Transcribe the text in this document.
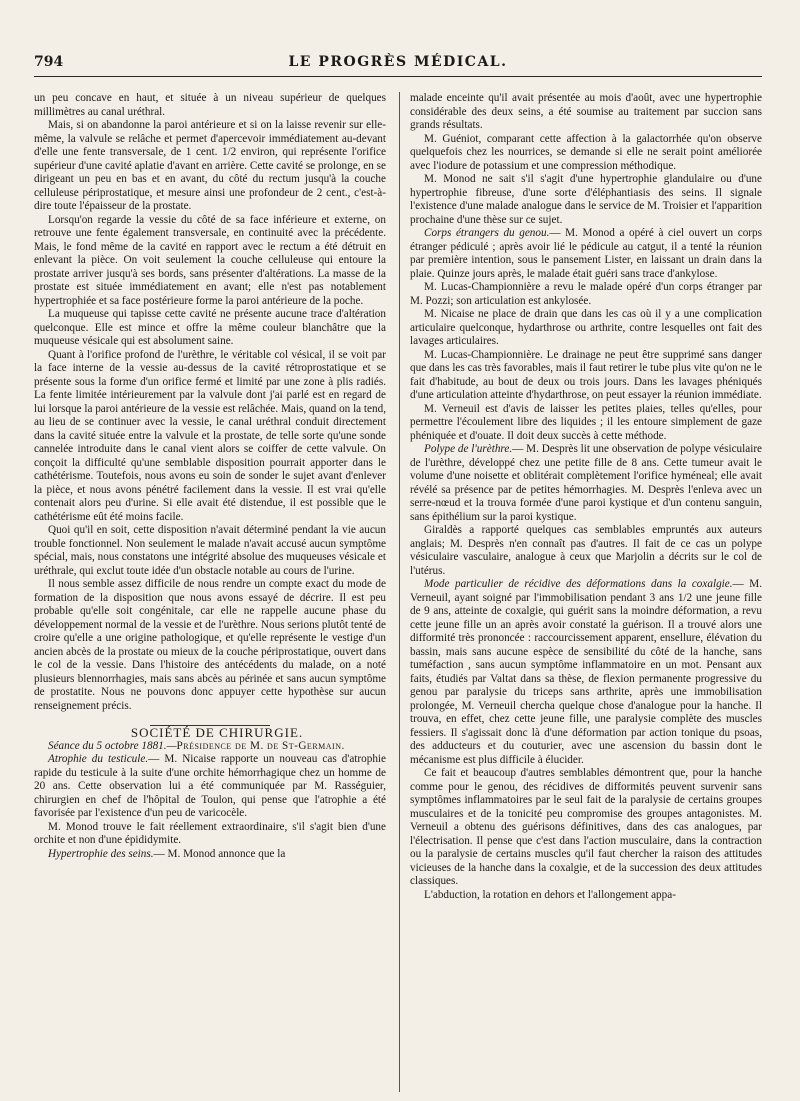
794	LE PROGRÈS MÉDICAL.

un peu concave en haut, et située à un niveau supérieur de quelques millimètres au canal uréthral.

Mais, si on abandonne la paroi antérieure et si on la laisse revenir sur elle-même, la valvule se relâche et permet d'apercevoir immédiatement au-devant d'elle une fente transversale, de 1 cent. 1/2 environ, qui représente l'orifice supérieur d'une cavité aplatie d'avant en arrière. Cette cavité se prolonge, en se dirigeant un peu en bas et en avant, du côté du rectum jusqu'à la couche celluleuse périprostatique, et mesure ainsi une profondeur de 2 cent., c'est-à-dire toute l'épaisseur de la prostate.

Lorsqu'on regarde la vessie du côté de sa face inférieure et externe, on retrouve une fente également transversale, en continuité avec la précédente. Mais, le fond même de la cavité en rapport avec le rectum a été détruit en enlevant la pièce. On voit seulement la couche celluleuse qui entoure la prostate arriver jusqu'à ses bords, sans présenter d'altérations. La masse de la prostate est située immédiatement en avant; elle n'est pas notablement hypertrophiée et sa face postérieure forme la paroi antérieure de la poche.

La muqueuse qui tapisse cette cavité ne présente aucune trace d'altération quelconque. Elle est mince et offre la même couleur blanchâtre que la muqueuse vésicale qui est absolument saine.

Quant à l'orifice profond de l'urèthre, le véritable col vésical, il se voit par la face interne de la vessie au-dessus de la cavité rétroprostatique et se présente sous la forme d'un orifice fermé et limité par une zone à plis radiés. La fente limitée intérieurement par la valvule dont j'ai parlé est en regard de lui lorsque la paroi antérieure de la vessie est relâchée. Mais, quand on la tend, au lieu de se continuer avec la vessie, le canal uréthral conduit directement dans la cavité située entre la valvule et la prostate, de telle sorte qu'une sonde cannelée introduite dans le canal vient alors se coiffer de cette valvule. On conçoit la difficulté qu'une semblable disposition pourrait apporter dans le cathétérisme. Toutefois, nous avons eu soin de sonder le sujet avant d'enlever la pièce, et nous avons pénétré facilement dans la vessie. Il est vrai qu'elle contenait alors peu d'urine. Si elle avait été distendue, il est possible que le cathétérisme eût été moins facile.

Quoi qu'il en soit, cette disposition n'avait déterminé pendant la vie aucun trouble fonctionnel. Non seulement le malade n'avait accusé aucun symptôme spécial, mais, nous constatons une intégrité absolue des muqueuses vésicale et uréthrale, qui exclut toute idée d'un obstacle notable au cours de l'urine.

Il nous semble assez difficile de nous rendre un compte exact du mode de formation de la disposition que nous avons essayé de décrire. Il est peu probable qu'elle soit congénitale, car elle ne rappelle aucune phase du développement normal de la vessie et de l'urèthre. Nous serions plutôt tenté de croire qu'elle a une origine pathologique, et qu'elle représente le vestige d'un ancien abcès de la prostate ou mieux de la couche périprostatique, ouvert dans le col de la vessie. Dans l'histoire des antécédents du malade, on a noté plusieurs blennorrhagies, mais sans abcès au périnée et sans aucun symptôme de prostatite. Nous ne pouvons donc appuyer cette hypothèse sur aucun renseignement précis.

SOCIÉTÉ DE CHIRURGIE.

Séance du 5 octobre 1881.—Présidence de M. de St-Germain.

Atrophie du testicule.— M. Nicaise rapporte un nouveau cas d'atrophie rapide du testicule à la suite d'une orchite hémorrhagique chez un homme de 20 ans. Cette observation lui a été communiquée par M. Rasséguier, chirurgien en chef de l'hôpital de Toulon, qui pense que l'atrophie a été favorisée par l'existence d'un peu de varicocèle.

M. Monod trouve le fait réellement extraordinaire, s'il s'agit bien d'une orchite et non d'une épididymite.

Hypertrophie des seins.— M. Monod annonce que la

malade enceinte qu'il avait présentée au mois d'août, avec une hypertrophie considérable des deux seins, a été soumise au traitement par succion sans grands résultats.

M. Guéniot, comparant cette affection à la galactorrhée qu'on observe quelquefois chez les nourrices, se demande si elle ne serait point améliorée avec l'iodure de potassium et une compression méthodique.

M. Monod ne sait s'il s'agit d'une hypertrophie glandulaire ou d'une hypertrophie fibreuse, d'une sorte d'éléphantiasis des seins. Il signale l'existence d'une malade analogue dans le service de M. Troisier et l'apparition prochaine d'une thèse sur ce sujet.

Corps étrangers du genou.— M. Monod a opéré à ciel ouvert un corps étranger pédiculé ; après avoir lié le pédicule au catgut, il a tenté la réunion par première intention, sous le pansement Lister, en laissant un drain dans la plaie. Quinze jours après, le malade était guéri sans trace d'ankylose.

M. Lucas-Championnière a revu le malade opéré d'un corps étranger par M. Pozzi; son articulation est ankylosée.

M. Nicaise ne place de drain que dans les cas où il y a une complication articulaire quelconque, hydarthrose ou arthrite, contre lesquelles ont fait des lavages articulaires.

M. Lucas-Championnière. Le drainage ne peut être supprimé sans danger que dans les cas très favorables, mais il faut retirer le tube plus vite qu'on ne le fait d'habitude, au bout de deux ou trois jours. Dans les lavages phéniqués d'une articulation atteinte d'hydarthrose, on peut essayer la réunion immédiate.

M. Verneuil est d'avis de laisser les petites plaies, telles qu'elles, pour permettre l'écoulement libre des liquides ; il les entoure simplement de gaze phéniquée et d'ouate. Il doit deux succès à cette méthode.

Polype de l'urèthre.— M. Desprès lit une observation de polype vésiculaire de l'urèthre, développé chez une petite fille de 8 ans. Cette tumeur avait le volume d'une noisette et oblitérait complètement l'orifice hyméneal; elle avait révélé sa présence par de petites hémorrhagies. M. Desprès l'enleva avec un serre-nœud et la trouva formée d'une paroi kystique et d'un contenu sanguin, sans épithélium sur la paroi kystique.

Giraldès a rapporté quelques cas semblables empruntés aux auteurs anglais; M. Desprès n'en connaît pas d'autres. Il fait de ce cas un polype vésiculaire vasculaire, analogue à ceux que Marjolin a décrits sur le col de l'utérus.

Mode particulier de récidive des déformations dans la coxalgie.— M. Verneuil, ayant soigné par l'immobilisation pendant 3 ans 1/2 une jeune fille de 9 ans, atteinte de coxalgie, qui guérit sans la moindre déformation, a revu cette jeune fille un an après avoir constaté la guérison. Il a trouvé alors une difformité très prononcée : raccourcissement apparent, ensellure, élévation du bassin, mais sans aucune espèce de sensibilité du côté de la hanche, sans tuméfaction , sans aucun symptôme inflammatoire en un mot. Pensant aux faits, étudiés par Valtat dans sa thèse, de flexion permanente progressive du genou par paralysie du triceps sans arthrite, après une immobilisation prolongée, M. Verneuil chercha quelque chose d'analogue pour la hanche. Il trouva, en effet, chez cette jeune fille, une paralysie complète des muscles fessiers. Il s'agissait donc là d'une déformation par action tonique du psoas, des adducteurs et du couturier, avec une ascension du bassin dont le mécanisme est plus difficile à élucider.

Ce fait et beaucoup d'autres semblables démontrent que, pour la hanche comme pour le genou, des récidives de difformités peuvent survenir sans symptômes inflammatoires par le seul fait de la paralysie de certains groupes musculaires et de la tonicité peu compromise des groupes antagonistes. M. Verneuil a obtenu des guérisons définitives, dans des cas analogues, par l'électrisation. Il pense que c'est dans l'action musculaire, dans la contraction ou la paralysie de certains muscles qu'il faut chercher la raison des attitudes vicieuses de la hanche dans la coxalgie, et de la succession des deux attitudes classiques.

L'abduction, la rotation en dehors et l'allongement appa-
